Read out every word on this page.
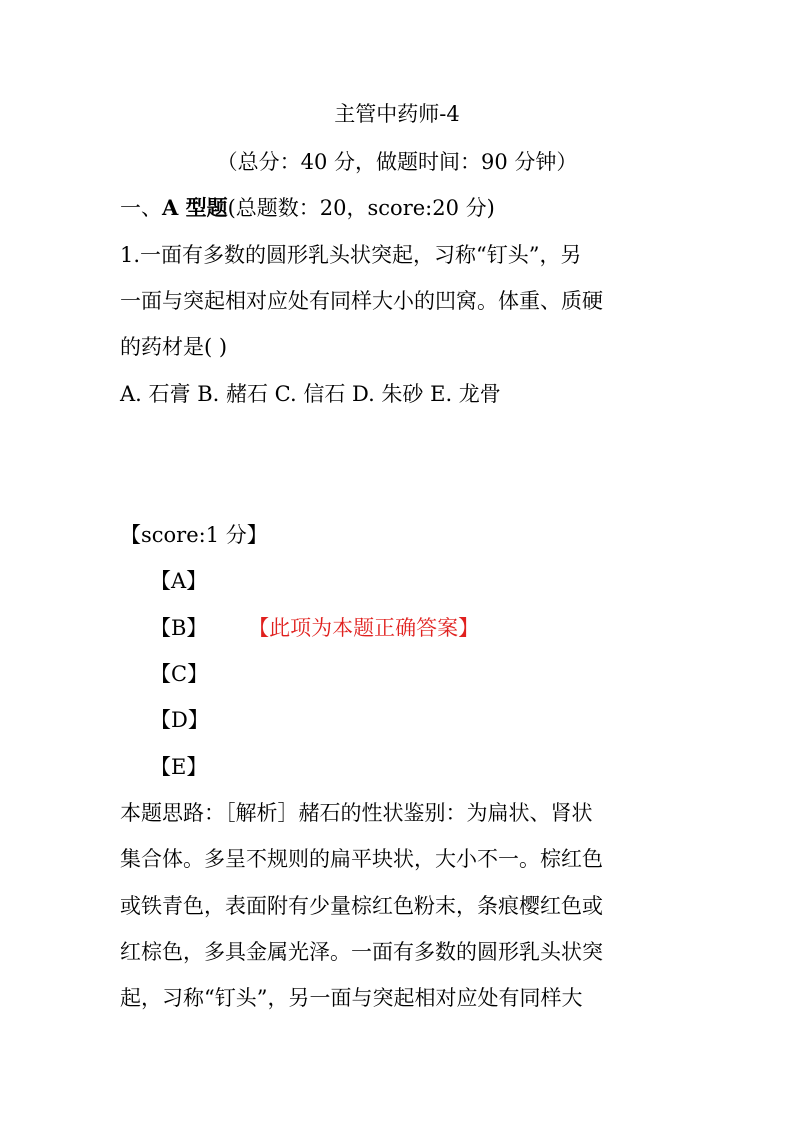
主管中药师-4
（总分：40 分，做题时间：90 分钟）
一、A 型题(总题数：20，score:20 分)
1.一面有多数的圆形乳头状突起，习称“钉头”，另
一面与突起相对应处有同样大小的凹窝。体重、质硬
的药材是( )
A. 石膏 B. 赭石 C. 信石 D. 朱砂 E. 龙骨
【score:1 分】
【A】
【B】 【此项为本题正确答案】
【C】
【D】
【E】
本题思路：［解析］赭石的性状鉴别：为扁状、肾状
集合体。多呈不规则的扁平块状，大小不一。棕红色
或铁青色，表面附有少量棕红色粉末，条痕樱红色或
红棕色，多具金属光泽。一面有多数的圆形乳头状突
起，习称“钉头”，另一面与突起相对应处有同样大
